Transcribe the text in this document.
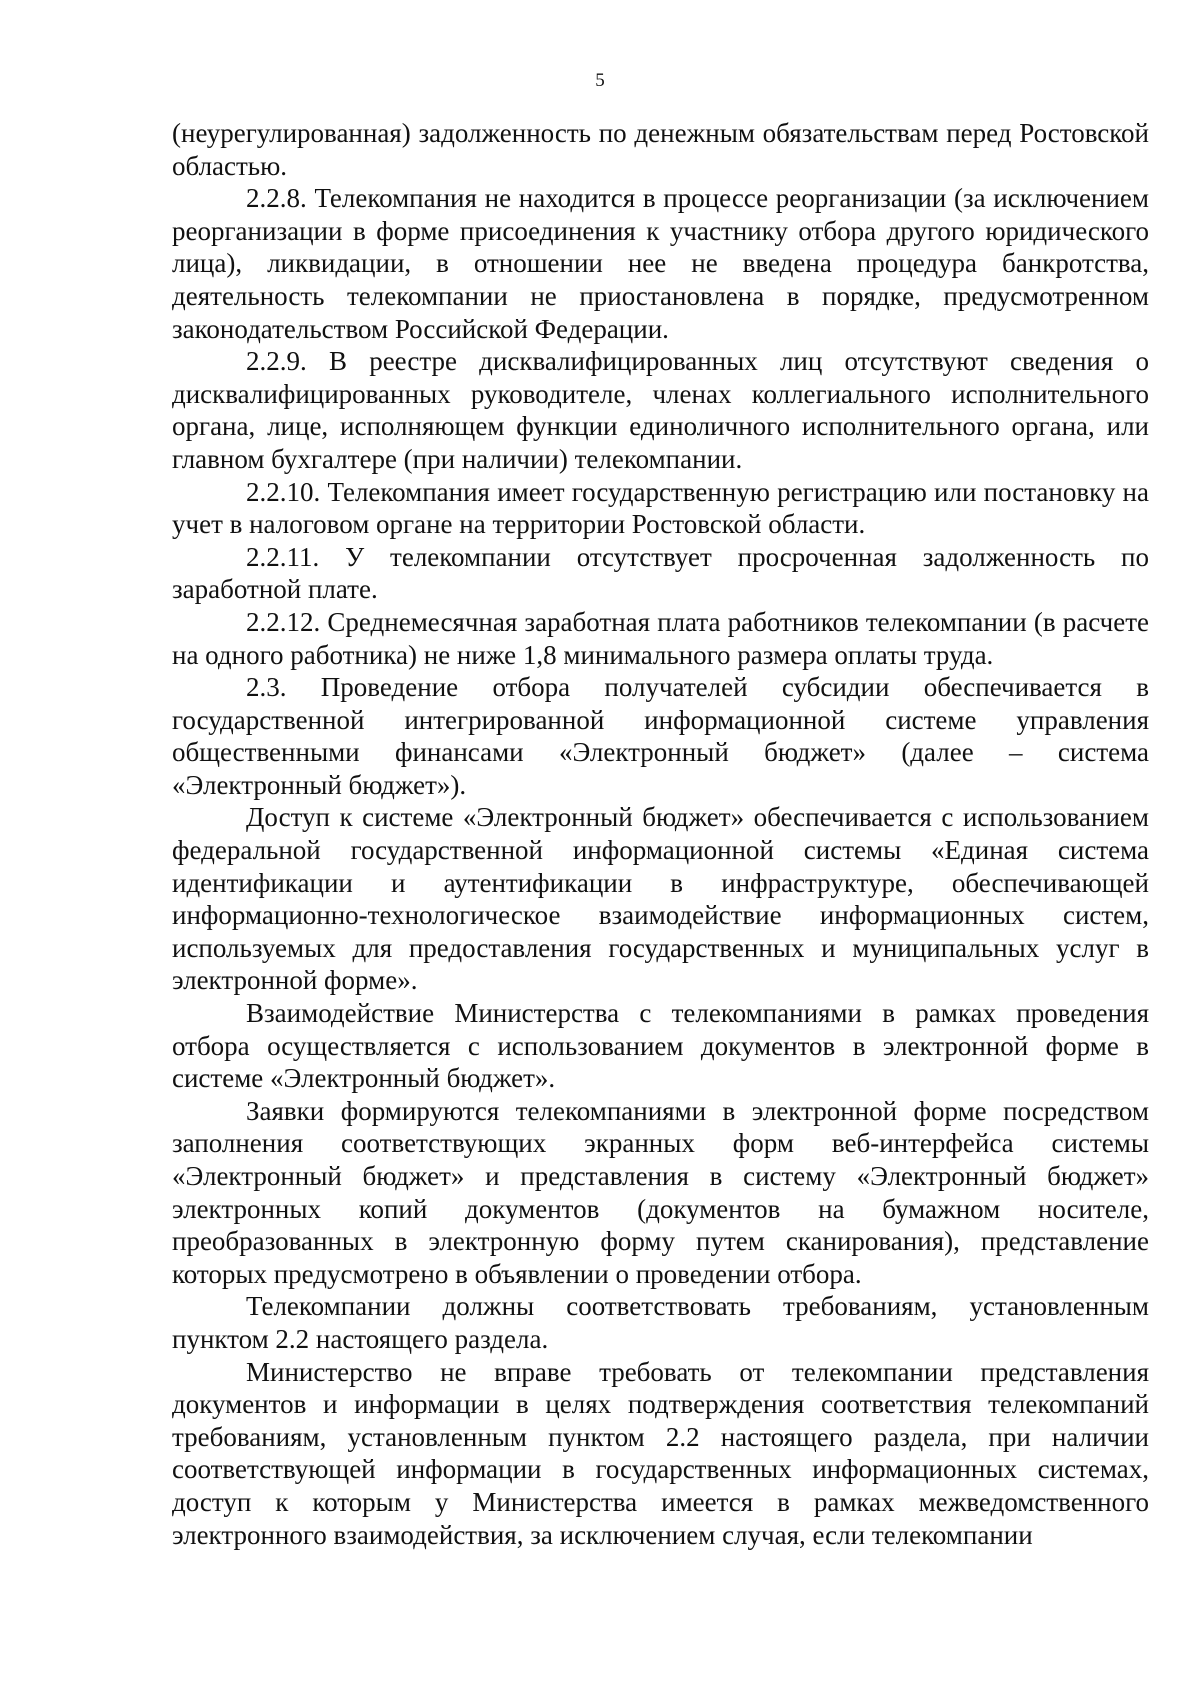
5

(неурегулированная) задолженность по денежным обязательствам перед Ростовской областью.

2.2.8. Телекомпания не находится в процессе реорганизации (за исключением реорганизации в форме присоединения к участнику отбора другого юридического лица), ликвидации, в отношении нее не введена процедура банкротства, деятельность телекомпании не приостановлена в порядке, предусмотренном законодательством Российской Федерации.

2.2.9. В реестре дисквалифицированных лиц отсутствуют сведения о дисквалифицированных руководителе, членах коллегиального исполнительного органа, лице, исполняющем функции единоличного исполнительного органа, или главном бухгалтере (при наличии) телекомпании.

2.2.10. Телекомпания имеет государственную регистрацию или постановку на учет в налоговом органе на территории Ростовской области.

2.2.11. У телекомпании отсутствует просроченная задолженность по заработной плате.

2.2.12. Среднемесячная заработная плата работников телекомпании (в расчете на одного работника) не ниже 1,8 минимального размера оплаты труда.

2.3. Проведение отбора получателей субсидии обеспечивается в государственной интегрированной информационной системе управления общественными финансами «Электронный бюджет» (далее – система «Электронный бюджет»).

Доступ к системе «Электронный бюджет» обеспечивается с использованием федеральной государственной информационной системы «Единая система идентификации и аутентификации в инфраструктуре, обеспечивающей информационно-технологическое взаимодействие информационных систем, используемых для предоставления государственных и муниципальных услуг в электронной форме».

Взаимодействие Министерства с телекомпаниями в рамках проведения отбора осуществляется с использованием документов в электронной форме в системе «Электронный бюджет».

Заявки формируются телекомпаниями в электронной форме посредством заполнения соответствующих экранных форм веб-интерфейса системы «Электронный бюджет» и представления в систему «Электронный бюджет» электронных копий документов (документов на бумажном носителе, преобразованных в электронную форму путем сканирования), представление которых предусмотрено в объявлении о проведении отбора.

Телекомпании должны соответствовать требованиям, установленным пунктом 2.2 настоящего раздела.

Министерство не вправе требовать от телекомпании представления документов и информации в целях подтверждения соответствия телекомпаний требованиям, установленным пунктом 2.2 настоящего раздела, при наличии соответствующей информации в государственных информационных системах, доступ к которым у Министерства имеется в рамках межведомственного электронного взаимодействия, за исключением случая, если телекомпании
